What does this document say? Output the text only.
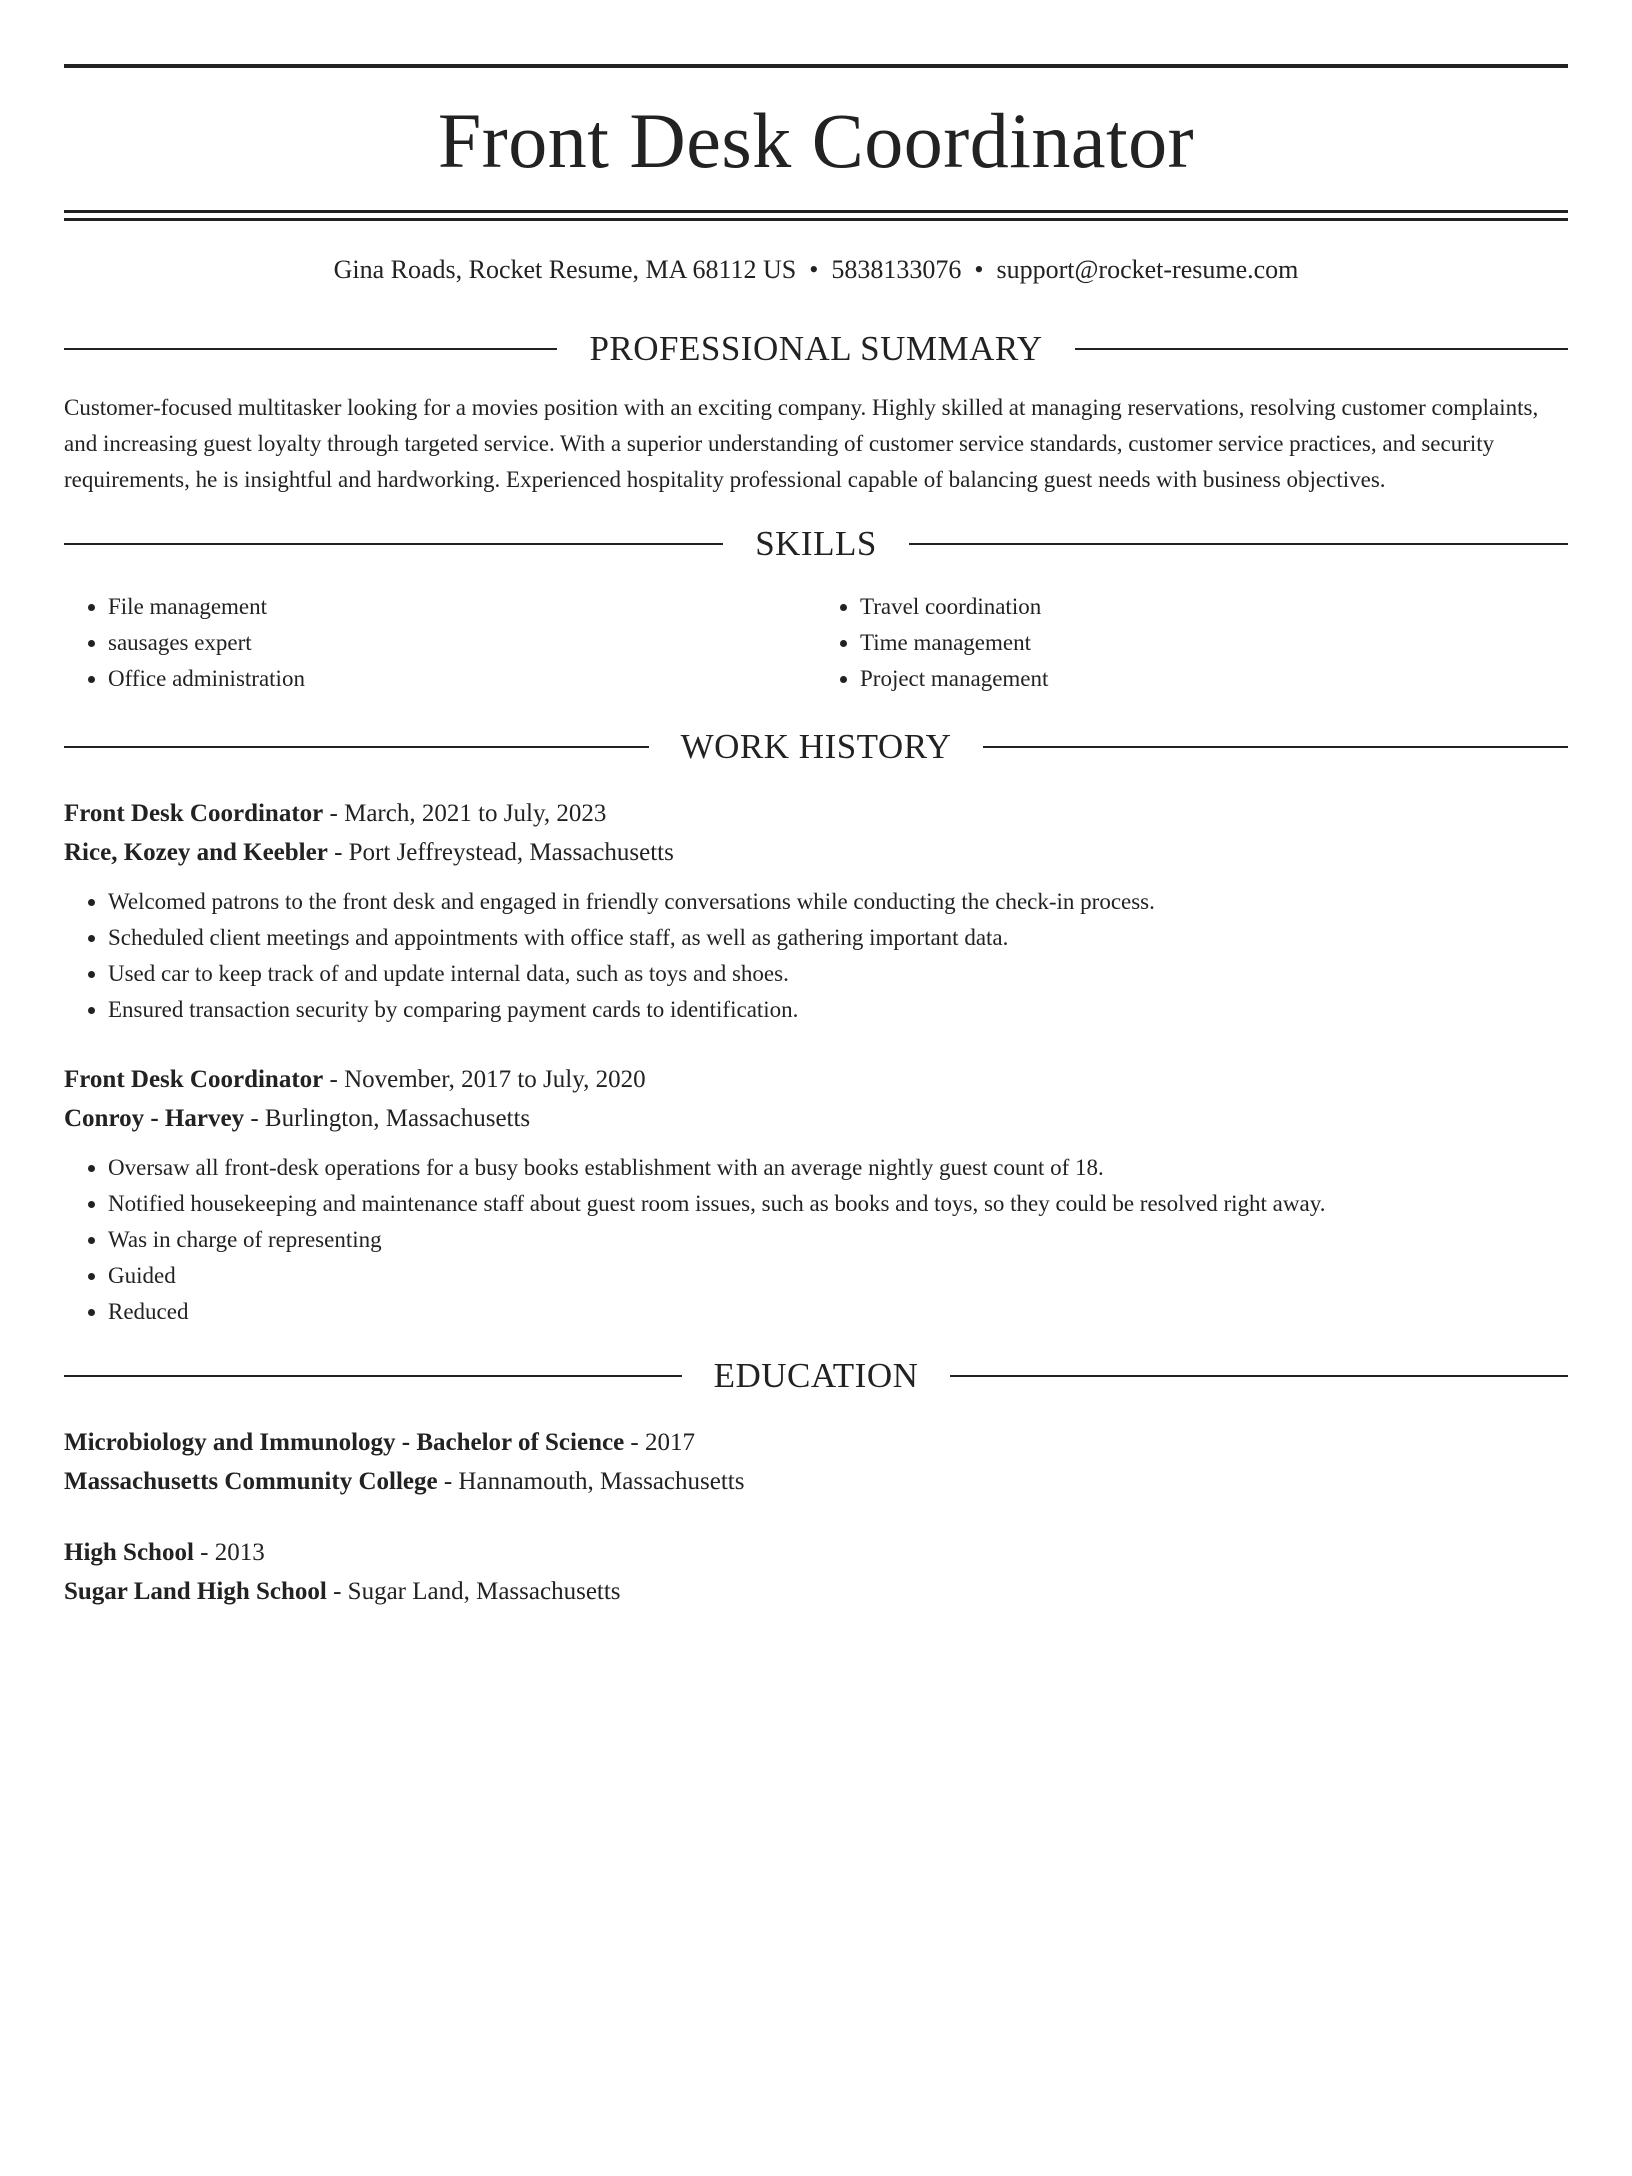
Front Desk Coordinator
Gina Roads, Rocket Resume, MA 68112 US • 5838133076 • support@rocket-resume.com
PROFESSIONAL SUMMARY

Customer-focused multitasker looking for a movies position with an exciting company. Highly skilled at managing reservations, resolving customer complaints, and increasing guest loyalty through targeted service. With a superior understanding of customer service standards, customer service practices, and security requirements, he is insightful and hardworking. Experienced hospitality professional capable of balancing guest needs with business objectives.

SKILLS
• File management
• sausages expert
• Office administration
• Travel coordination
• Time management
• Project management
WORK HISTORY
Front Desk Coordinator - March, 2021 to July, 2023
Rice, Kozey and Keebler - Port Jeffreystead, Massachusetts
• Welcomed patrons to the front desk and engaged in friendly conversations while conducting the check-in process.
• Scheduled client meetings and appointments with office staff, as well as gathering important data.
• Used car to keep track of and update internal data, such as toys and shoes.
• Ensured transaction security by comparing payment cards to identification.
Front Desk Coordinator - November, 2017 to July, 2020
Conroy - Harvey - Burlington, Massachusetts
• Oversaw all front-desk operations for a busy books establishment with an average nightly guest count of 18.
• Notified housekeeping and maintenance staff about guest room issues, such as books and toys, so they could be resolved right away.
• Was in charge of representing
• Guided
• Reduced
EDUCATION
Microbiology and Immunology - Bachelor of Science - 2017
Massachusetts Community College - Hannamouth, Massachusetts
High School - 2013
Sugar Land High School - Sugar Land, Massachusetts
